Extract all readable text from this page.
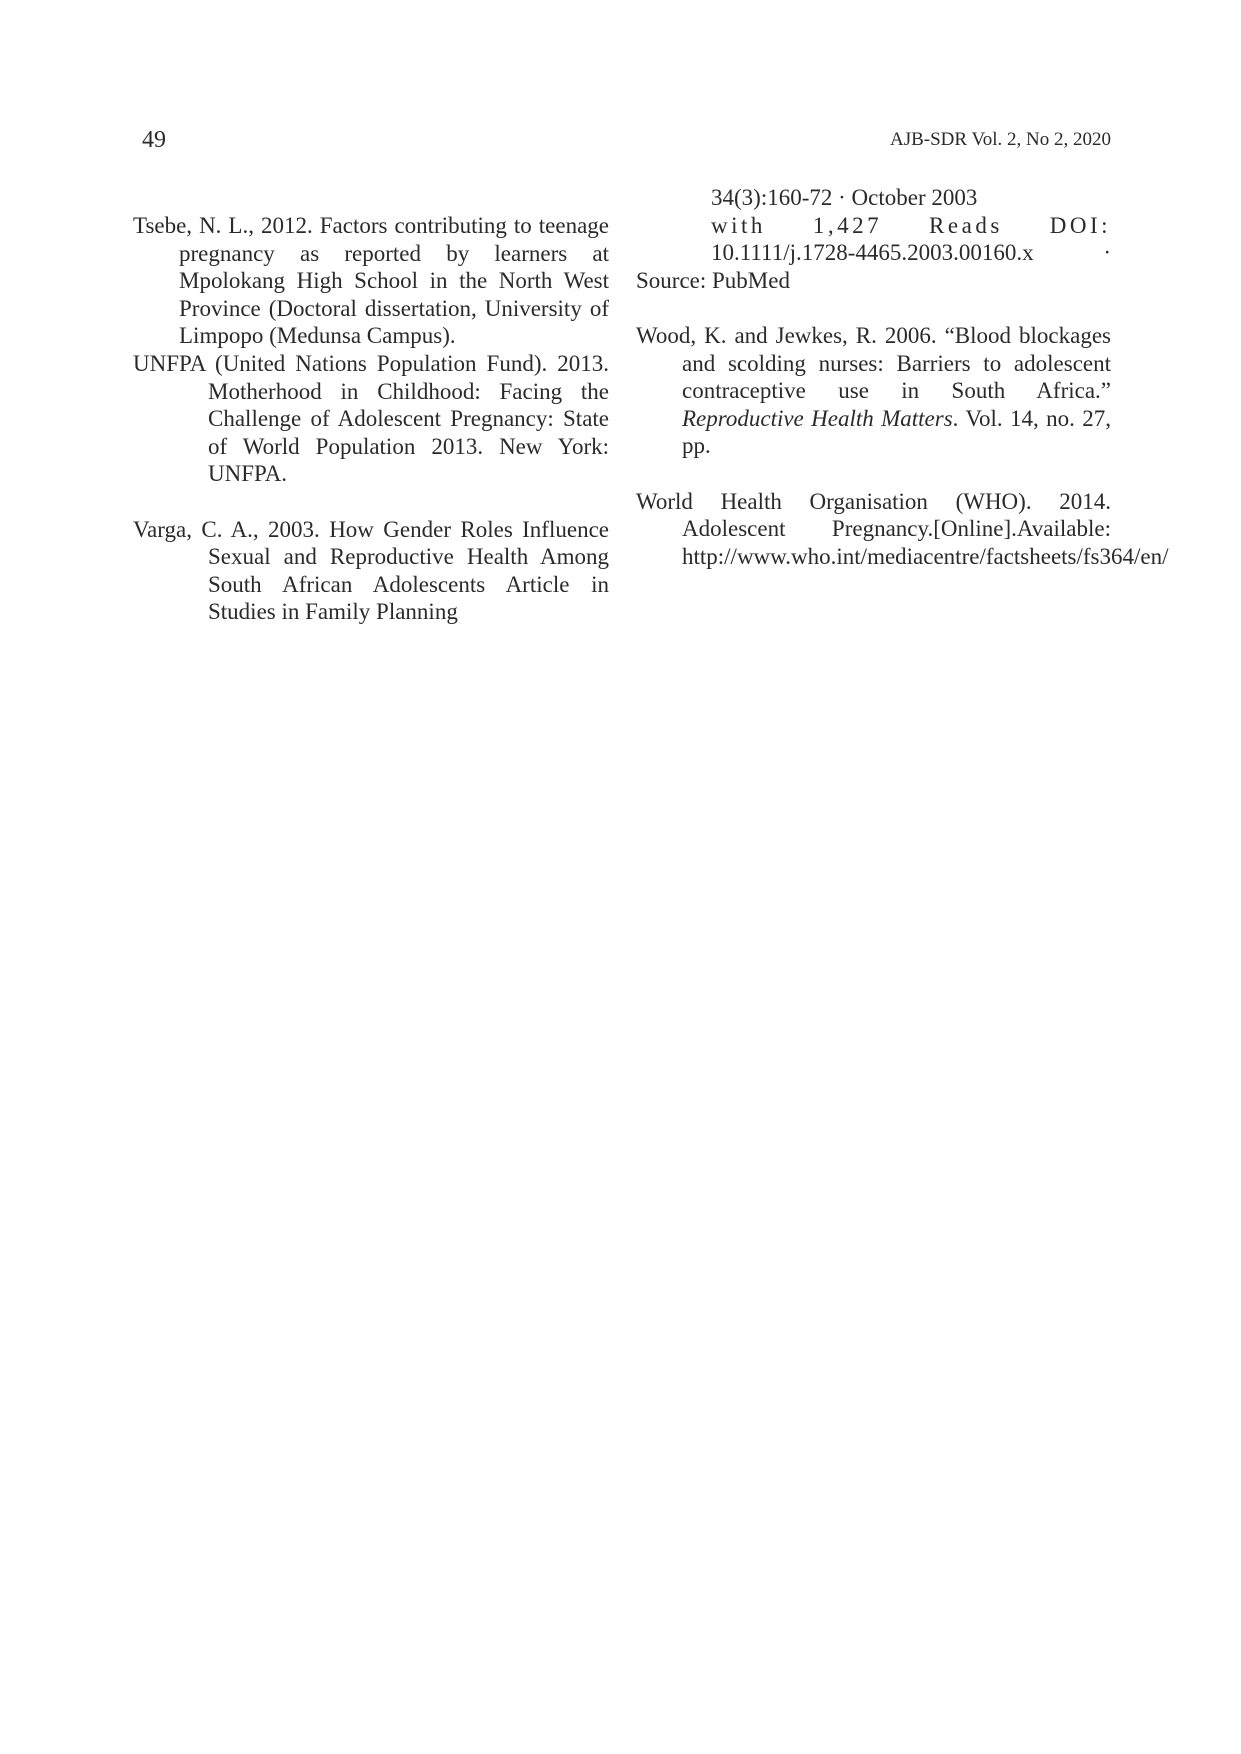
49	AJB-SDR Vol. 2, No 2, 2020

Tsebe, N. L., 2012. Factors contributing to teenage pregnancy as reported by learners at Mpolokang High School in the North West Province (Doctoral dissertation, University of Limpopo (Medunsa Campus).

UNFPA (United Nations Population Fund). 2013. Motherhood in Childhood: Facing the Challenge of Adolescent Pregnancy: State of World Population 2013. New York: UNFPA.

Varga, C. A., 2003. How Gender Roles Influence Sexual and Reproductive Health Among South African Adolescents Article in Studies in Family Planning

34(3):160-72 · October 2003
with 1,427 Reads DOI:
10.1111/j.1728-4465.2003.00160.x ·

Source: PubMed

Wood, K. and Jewkes, R. 2006. “Blood blockages and scolding nurses: Barriers to adolescent contraceptive use in South Africa.” Reproductive Health Matters. Vol. 14, no. 27, pp.

World Health Organisation (WHO). 2014. Adolescent Pregnancy.[Online].Available: http://www.who.int/mediacentre/factsheets/fs364/en/
